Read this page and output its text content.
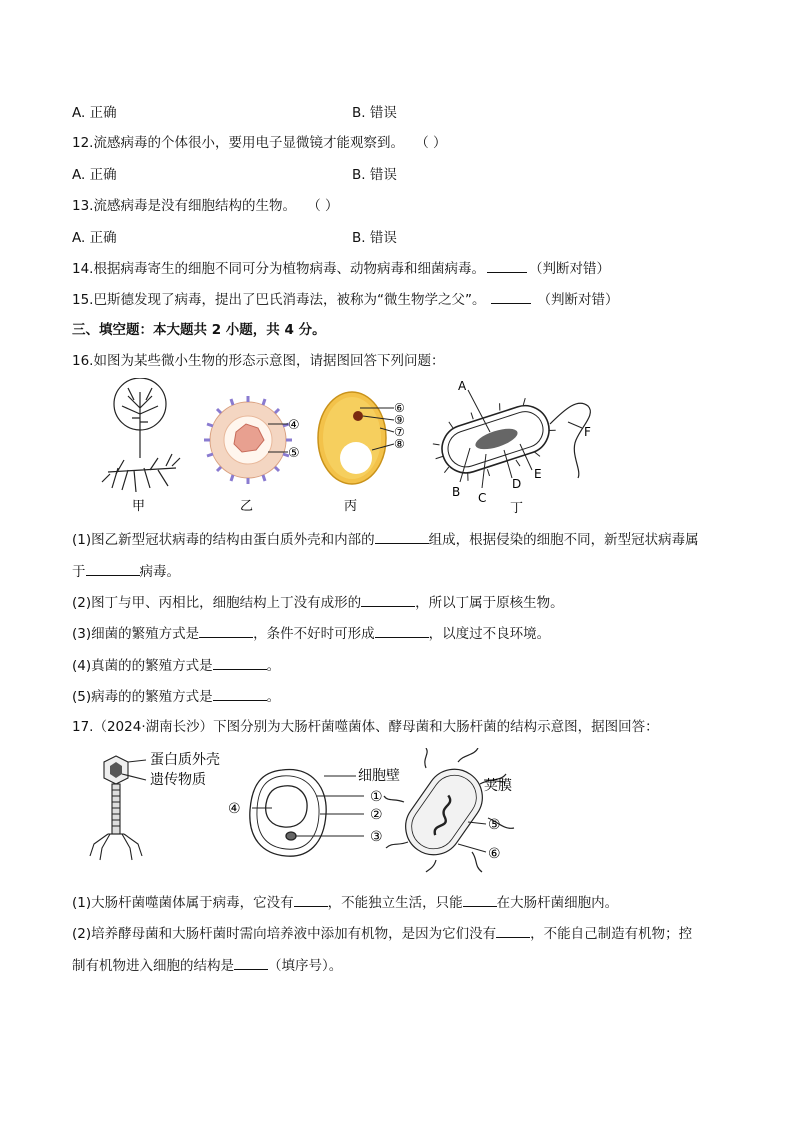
A. 正确	B. 错误
12.流感病毒的个体很小，要用电子显微镜才能观察到。 （ ）
A. 正确	B. 错误
13.流感病毒是没有细胞结构的生物。 （ ）
A. 正确	B. 错误
14.根据病毒寄生的细胞不同可分为植物病毒、动物病毒和细菌病毒。	（判断对错）
15.巴斯德发现了病毒，提出了巴氏消毒法，被称为“微生物学之父”。	（判断对错）
三、填空题：本大题共 2 小题，共 4 分。
16.如图为某些微小生物的形态示意图，请据图回答下列问题：
甲
④
⑤
乙
⑥
⑨
⑦
⑧
丙
A
B C
D
E
F
丁
(1)图乙新型冠状病毒的结构由蛋白质外壳和内部的	组成，根据侵染的细胞不同，新型冠状病毒属
于	病毒。
(2)图丁与甲、丙相比，细胞结构上丁没有成形的	，所以丁属于原核生物。
(3)细菌的繁殖方式是	，条件不好时可形成	，以度过不良环境。
(4)真菌的的繁殖方式是	。
(5)病毒的的繁殖方式是	。
17.（2024·湖南长沙）下图分别为大肠杆菌噬菌体、酵母菌和大肠杆菌的结构示意图，据图回答：
蛋白质外壳
遗传物质
④
①
②
③
细胞壁
荚膜
⑤
⑥
(1)大肠杆菌噬菌体属于病毒，它没有	，不能独立生活，只能	在大肠杆菌细胞内。
(2)培养酵母菌和大肠杆菌时需向培养液中添加有机物，是因为它们没有	，不能自己制造有机物；控
制有机物进入细胞的结构是	（填序号）。
